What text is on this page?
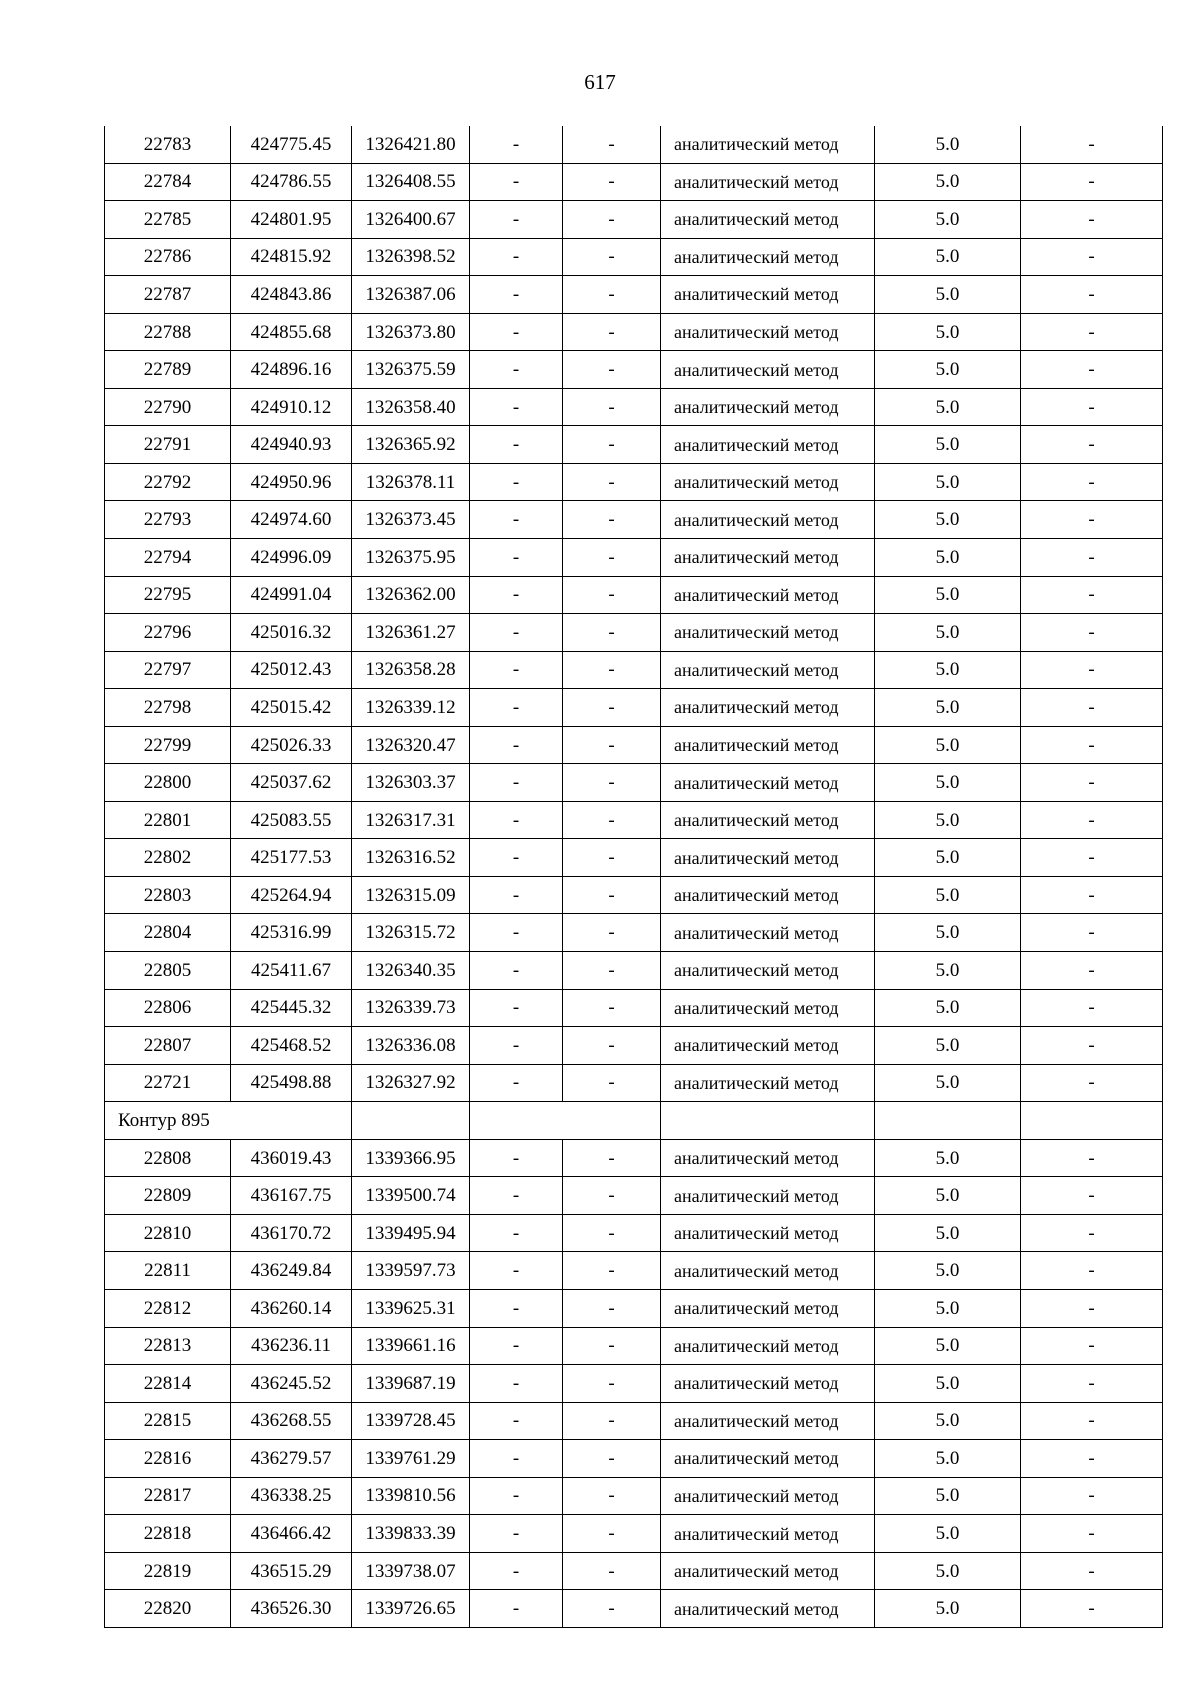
617
22783	424775.45	1326421.80	-	-	аналитический метод	5.0	-
22784	424786.55	1326408.55	-	-	аналитический метод	5.0	-
22785	424801.95	1326400.67	-	-	аналитический метод	5.0	-
22786	424815.92	1326398.52	-	-	аналитический метод	5.0	-
22787	424843.86	1326387.06	-	-	аналитический метод	5.0	-
22788	424855.68	1326373.80	-	-	аналитический метод	5.0	-
22789	424896.16	1326375.59	-	-	аналитический метод	5.0	-
22790	424910.12	1326358.40	-	-	аналитический метод	5.0	-
22791	424940.93	1326365.92	-	-	аналитический метод	5.0	-
22792	424950.96	1326378.11	-	-	аналитический метод	5.0	-
22793	424974.60	1326373.45	-	-	аналитический метод	5.0	-
22794	424996.09	1326375.95	-	-	аналитический метод	5.0	-
22795	424991.04	1326362.00	-	-	аналитический метод	5.0	-
22796	425016.32	1326361.27	-	-	аналитический метод	5.0	-
22797	425012.43	1326358.28	-	-	аналитический метод	5.0	-
22798	425015.42	1326339.12	-	-	аналитический метод	5.0	-
22799	425026.33	1326320.47	-	-	аналитический метод	5.0	-
22800	425037.62	1326303.37	-	-	аналитический метод	5.0	-
22801	425083.55	1326317.31	-	-	аналитический метод	5.0	-
22802	425177.53	1326316.52	-	-	аналитический метод	5.0	-
22803	425264.94	1326315.09	-	-	аналитический метод	5.0	-
22804	425316.99	1326315.72	-	-	аналитический метод	5.0	-
22805	425411.67	1326340.35	-	-	аналитический метод	5.0	-
22806	425445.32	1326339.73	-	-	аналитический метод	5.0	-
22807	425468.52	1326336.08	-	-	аналитический метод	5.0	-
22721	425498.88	1326327.92	-	-	аналитический метод	5.0	-
Контур 895							
22808	436019.43	1339366.95	-	-	аналитический метод	5.0	-
22809	436167.75	1339500.74	-	-	аналитический метод	5.0	-
22810	436170.72	1339495.94	-	-	аналитический метод	5.0	-
22811	436249.84	1339597.73	-	-	аналитический метод	5.0	-
22812	436260.14	1339625.31	-	-	аналитический метод	5.0	-
22813	436236.11	1339661.16	-	-	аналитический метод	5.0	-
22814	436245.52	1339687.19	-	-	аналитический метод	5.0	-
22815	436268.55	1339728.45	-	-	аналитический метод	5.0	-
22816	436279.57	1339761.29	-	-	аналитический метод	5.0	-
22817	436338.25	1339810.56	-	-	аналитический метод	5.0	-
22818	436466.42	1339833.39	-	-	аналитический метод	5.0	-
22819	436515.29	1339738.07	-	-	аналитический метод	5.0	-
22820	436526.30	1339726.65	-	-	аналитический метод	5.0	-
